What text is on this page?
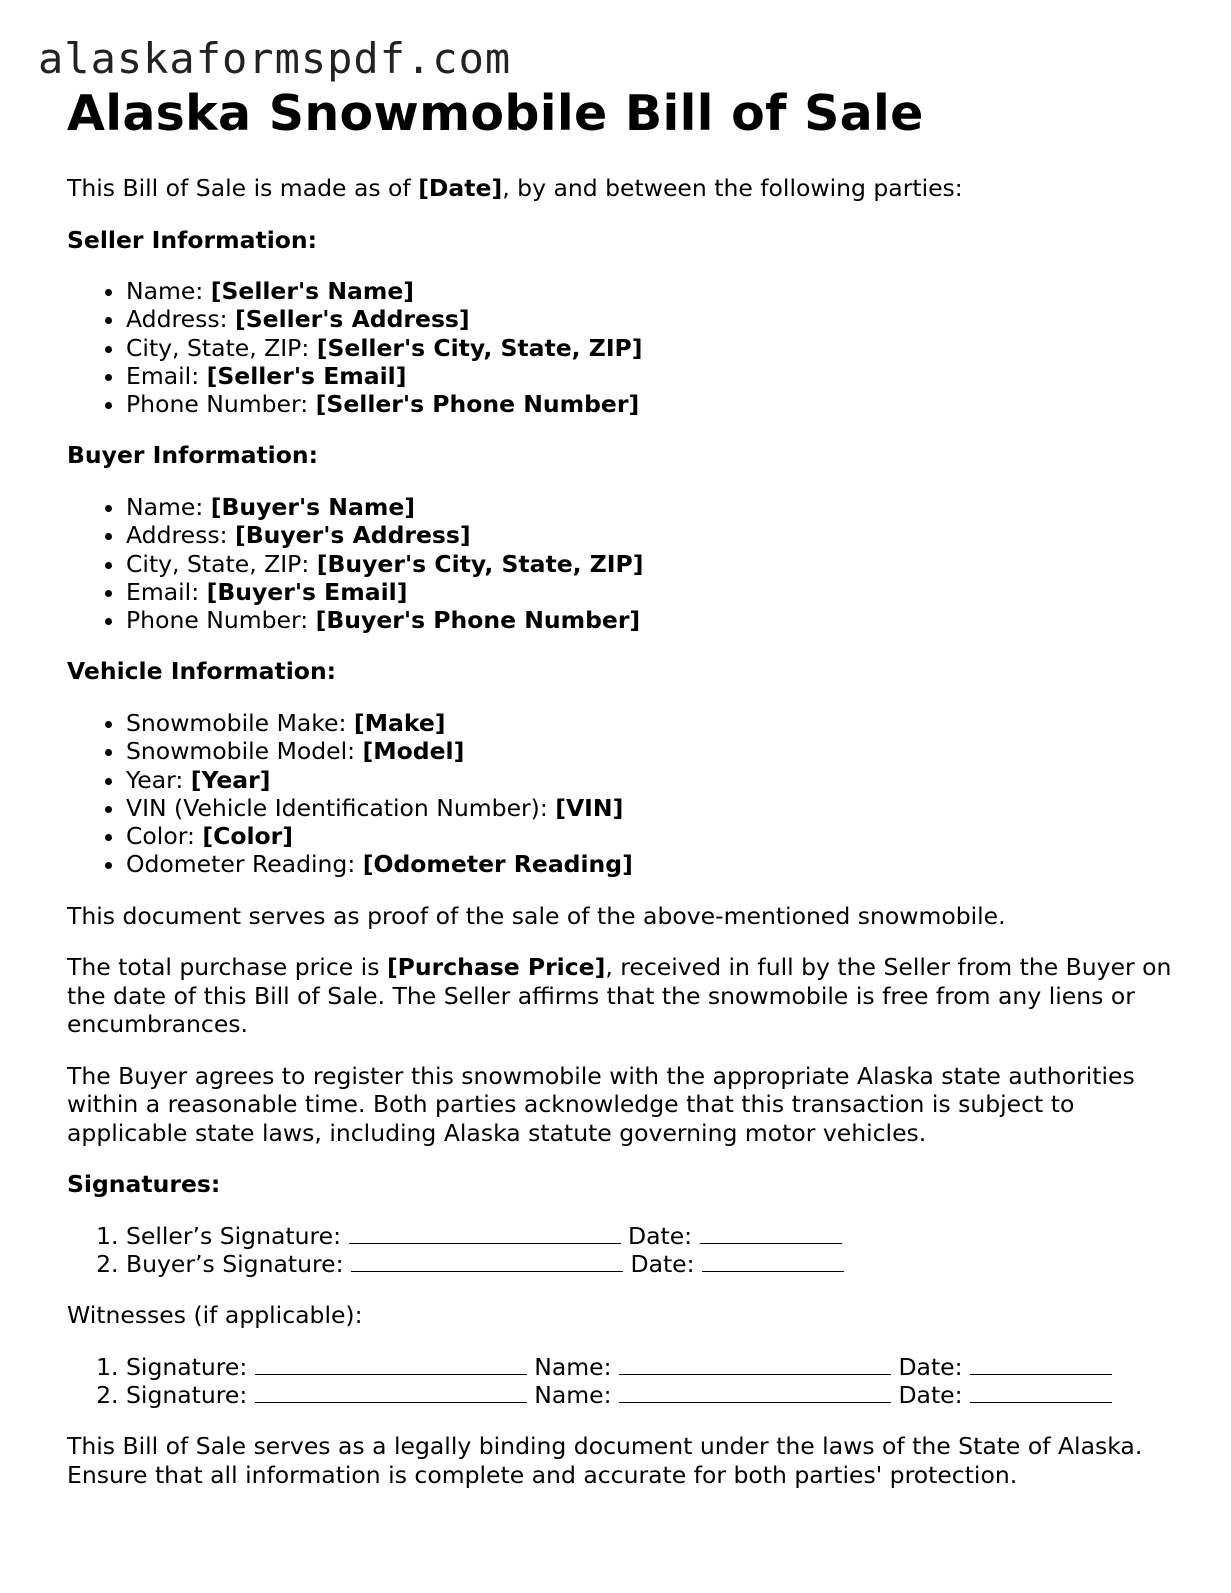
alaskaformspdf.com
Alaska Snowmobile Bill of Sale

This Bill of Sale is made as of [Date], by and between the following parties:

Seller Information:

• Name: [Seller's Name]
• Address: [Seller's Address]
• City, State, ZIP: [Seller's City, State, ZIP]
• Email: [Seller's Email]
• Phone Number: [Seller's Phone Number]

Buyer Information:

• Name: [Buyer's Name]
• Address: [Buyer's Address]
• City, State, ZIP: [Buyer's City, State, ZIP]
• Email: [Buyer's Email]
• Phone Number: [Buyer's Phone Number]

Vehicle Information:

• Snowmobile Make: [Make]
• Snowmobile Model: [Model]
• Year: [Year]
• VIN (Vehicle Identification Number): [VIN]
• Color: [Color]
• Odometer Reading: [Odometer Reading]

This document serves as proof of the sale of the above-mentioned snowmobile.

The total purchase price is [Purchase Price], received in full by the Seller from the Buyer on the date of this Bill of Sale. The Seller affirms that the snowmobile is free from any liens or encumbrances.

The Buyer agrees to register this snowmobile with the appropriate Alaska state authorities within a reasonable time. Both parties acknowledge that this transaction is subject to applicable state laws, including Alaska statute governing motor vehicles.

Signatures:

1. Seller’s Signature:	Date:
2. Buyer’s Signature:	Date:

Witnesses (if applicable):

1. Signature:	Name:	Date:
2. Signature:	Name:	Date:

This Bill of Sale serves as a legally binding document under the laws of the State of Alaska. Ensure that all information is complete and accurate for both parties' protection.
